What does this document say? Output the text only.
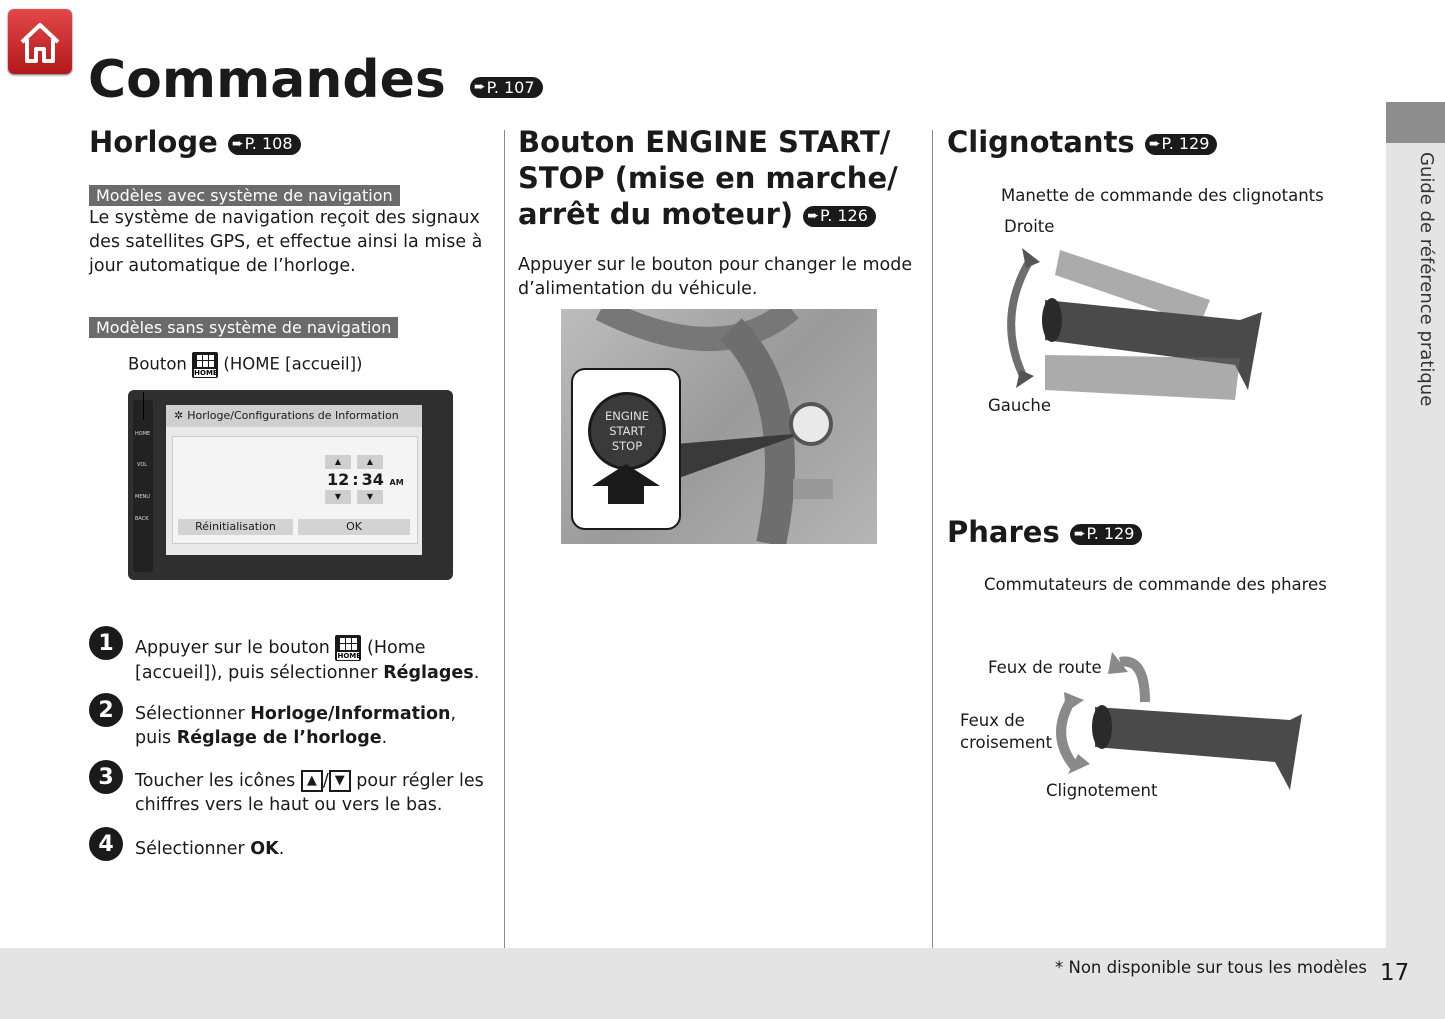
Commandes ➨ P. 107
Horloge ➨ P. 108
Modèles avec système de navigation
Le système de navigation reçoit des signaux des satellites GPS, et effectue ainsi la mise à jour automatique de l’horloge.
Modèles sans système de navigation
Bouton HOME (HOME [accueil])
HOME
VOL
MENU
BACK
✲ Horloge/Configurations de Information
▲	▲
12 : 34 AM
▼	▼
Réinitialisation	OK
1	Appuyer sur le bouton HOME (Home [accueil]), puis sélectionner Réglages.
2	Sélectionner Horloge/Information, puis Réglage de l’horloge.
3	Toucher les icônes ▲ / ▼ pour régler les chiffres vers le haut ou vers le bas.
4	Sélectionner OK.
Bouton ENGINE START/ STOP (mise en marche/ arrêt du moteur) ➨ P. 126
Appuyer sur le bouton pour changer le mode d’alimentation du véhicule.
ENGINE
START
STOP
Clignotants ➨ P. 129
Manette de commande des clignotants
Droite
Gauche
Phares ➨ P. 129
Commutateurs de commande des phares
Feux de route
Feux de
croisement
Clignotement
Guide de référence pratique
* Non disponible sur tous les modèles 17
